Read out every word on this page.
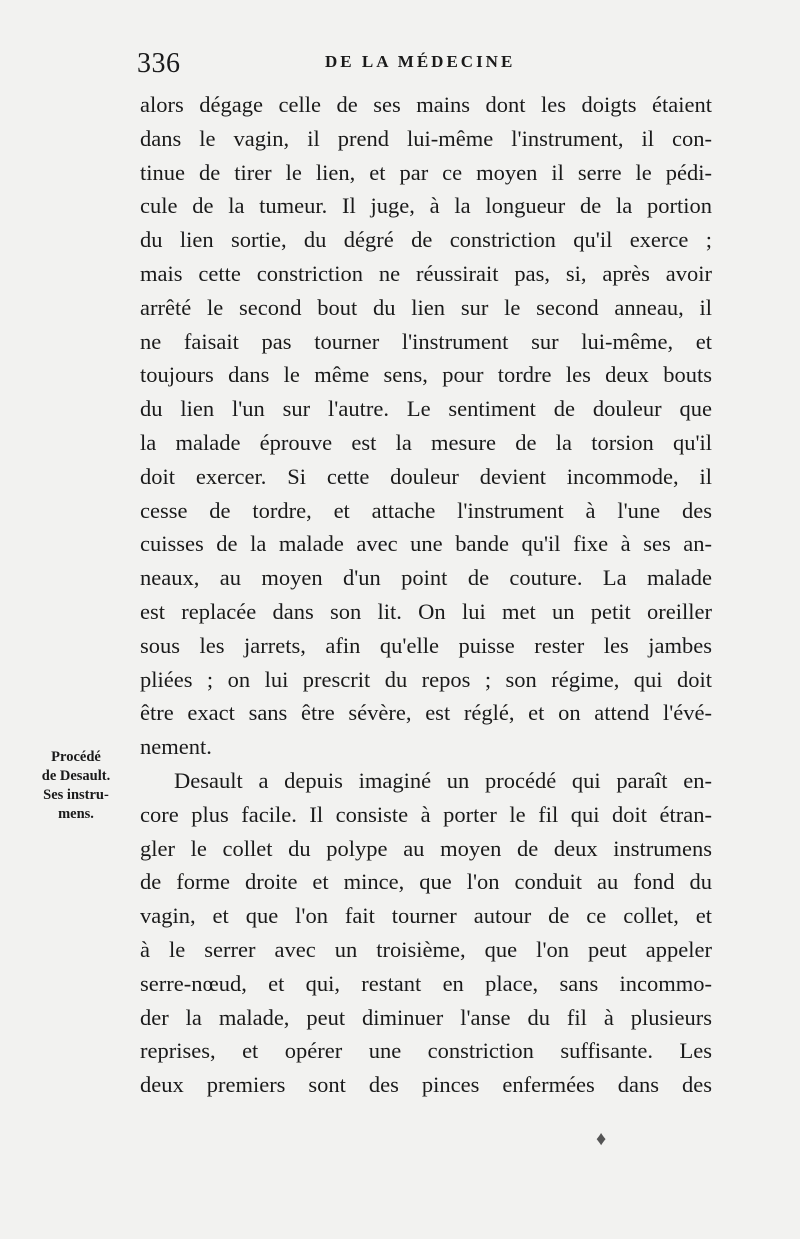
336	DE LA MÉDECINE
Procédé
de Desault.
Ses instru-
mens.
alors dégage celle de ses mains dont les doigts étaient
dans le vagin, il prend lui-même l'instrument, il con-
tinue de tirer le lien, et par ce moyen il serre le pédi-
cule de la tumeur. Il juge, à la longueur de la portion
du lien sortie, du dégré de constriction qu'il exerce ;
mais cette constriction ne réussirait pas, si, après avoir
arrêté le second bout du lien sur le second anneau, il
ne faisait pas tourner l'instrument sur lui-même, et
toujours dans le même sens, pour tordre les deux bouts
du lien l'un sur l'autre. Le sentiment de douleur que
la malade éprouve est la mesure de la torsion qu'il
doit exercer. Si cette douleur devient incommode, il
cesse de tordre, et attache l'instrument à l'une des
cuisses de la malade avec une bande qu'il fixe à ses an-
neaux, au moyen d'un point de couture. La malade
est replacée dans son lit. On lui met un petit oreiller
sous les jarrets, afin qu'elle puisse rester les jambes
pliées ; on lui prescrit du repos ; son régime, qui doit
être exact sans être sévère, est réglé, et on attend l'évé-
nement.
Desault a depuis imaginé un procédé qui paraît en-
core plus facile. Il consiste à porter le fil qui doit étran-
gler le collet du polype au moyen de deux instrumens
de forme droite et mince, que l'on conduit au fond du
vagin, et que l'on fait tourner autour de ce collet, et
à le serrer avec un troisième, que l'on peut appeler
serre-nœud, et qui, restant en place, sans incommo-
der la malade, peut diminuer l'anse du fil à plusieurs
reprises, et opérer une constriction suffisante. Les
deux premiers sont des pinces enfermées dans des
♦
